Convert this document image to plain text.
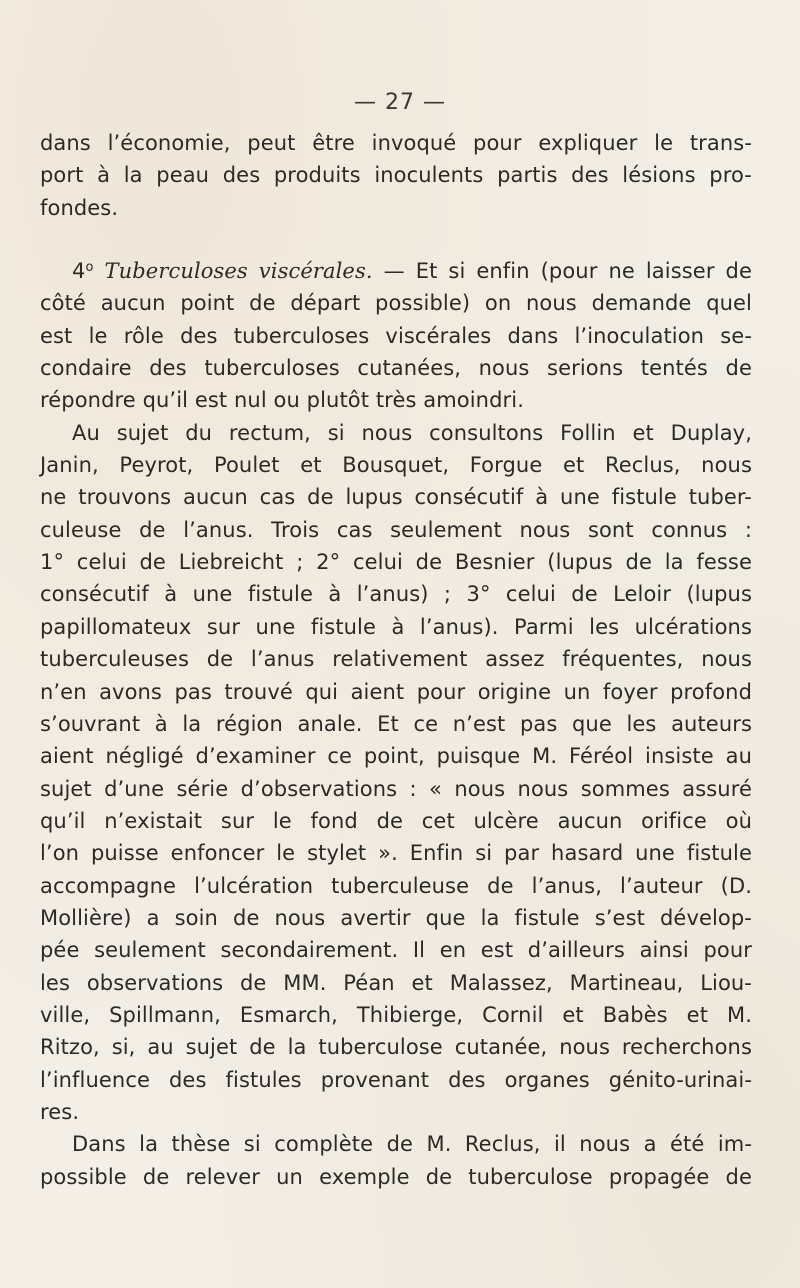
— 27 —
dans l’économie, peut être invoqué pour expliquer le trans-
port à la peau des produits inoculents partis des lésions pro-
fondes.
4$^o$ Tuberculoses viscérales. — Et si enfin (pour ne laisser de
côté aucun point de départ possible) on nous demande quel
est le rôle des tuberculoses viscérales dans l’inoculation se-
condaire des tuberculoses cutanées, nous serions tentés de
répondre qu’il est nul ou plutôt très amoindri.
Au sujet du rectum, si nous consultons Follin et Duplay,
Janin, Peyrot, Poulet et Bousquet, Forgue et Reclus, nous
ne trouvons aucun cas de lupus consécutif à une fistule tuber-
culeuse de l’anus. Trois cas seulement nous sont connus :
1° celui de Liebreicht ; 2° celui de Besnier (lupus de la fesse
consécutif à une fistule à l’anus) ; 3° celui de Leloir (lupus
papillomateux sur une fistule à l’anus). Parmi les ulcérations
tuberculeuses de l’anus relativement assez fréquentes, nous
n’en avons pas trouvé qui aient pour origine un foyer profond
s’ouvrant à la région anale. Et ce n’est pas que les auteurs
aient négligé d’examiner ce point, puisque M. Féréol insiste au
sujet d’une série d’observations : « nous nous sommes assuré
qu’il n’existait sur le fond de cet ulcère aucun orifice où
l’on puisse enfoncer le stylet ». Enfin si par hasard une fistule
accompagne l’ulcération tuberculeuse de l’anus, l’auteur (D.
Mollière) a soin de nous avertir que la fistule s’est dévelop-
pée seulement secondairement. Il en est d’ailleurs ainsi pour
les observations de MM. Péan et Malassez, Martineau, Liou-
ville, Spillmann, Esmarch, Thibierge, Cornil et Babès et M.
Ritzo, si, au sujet de la tuberculose cutanée, nous recherchons
l’influence des fistules provenant des organes génito-urinai-
res.
Dans la thèse si complète de M. Reclus, il nous a été im-
possible de relever un exemple de tuberculose propagée de
